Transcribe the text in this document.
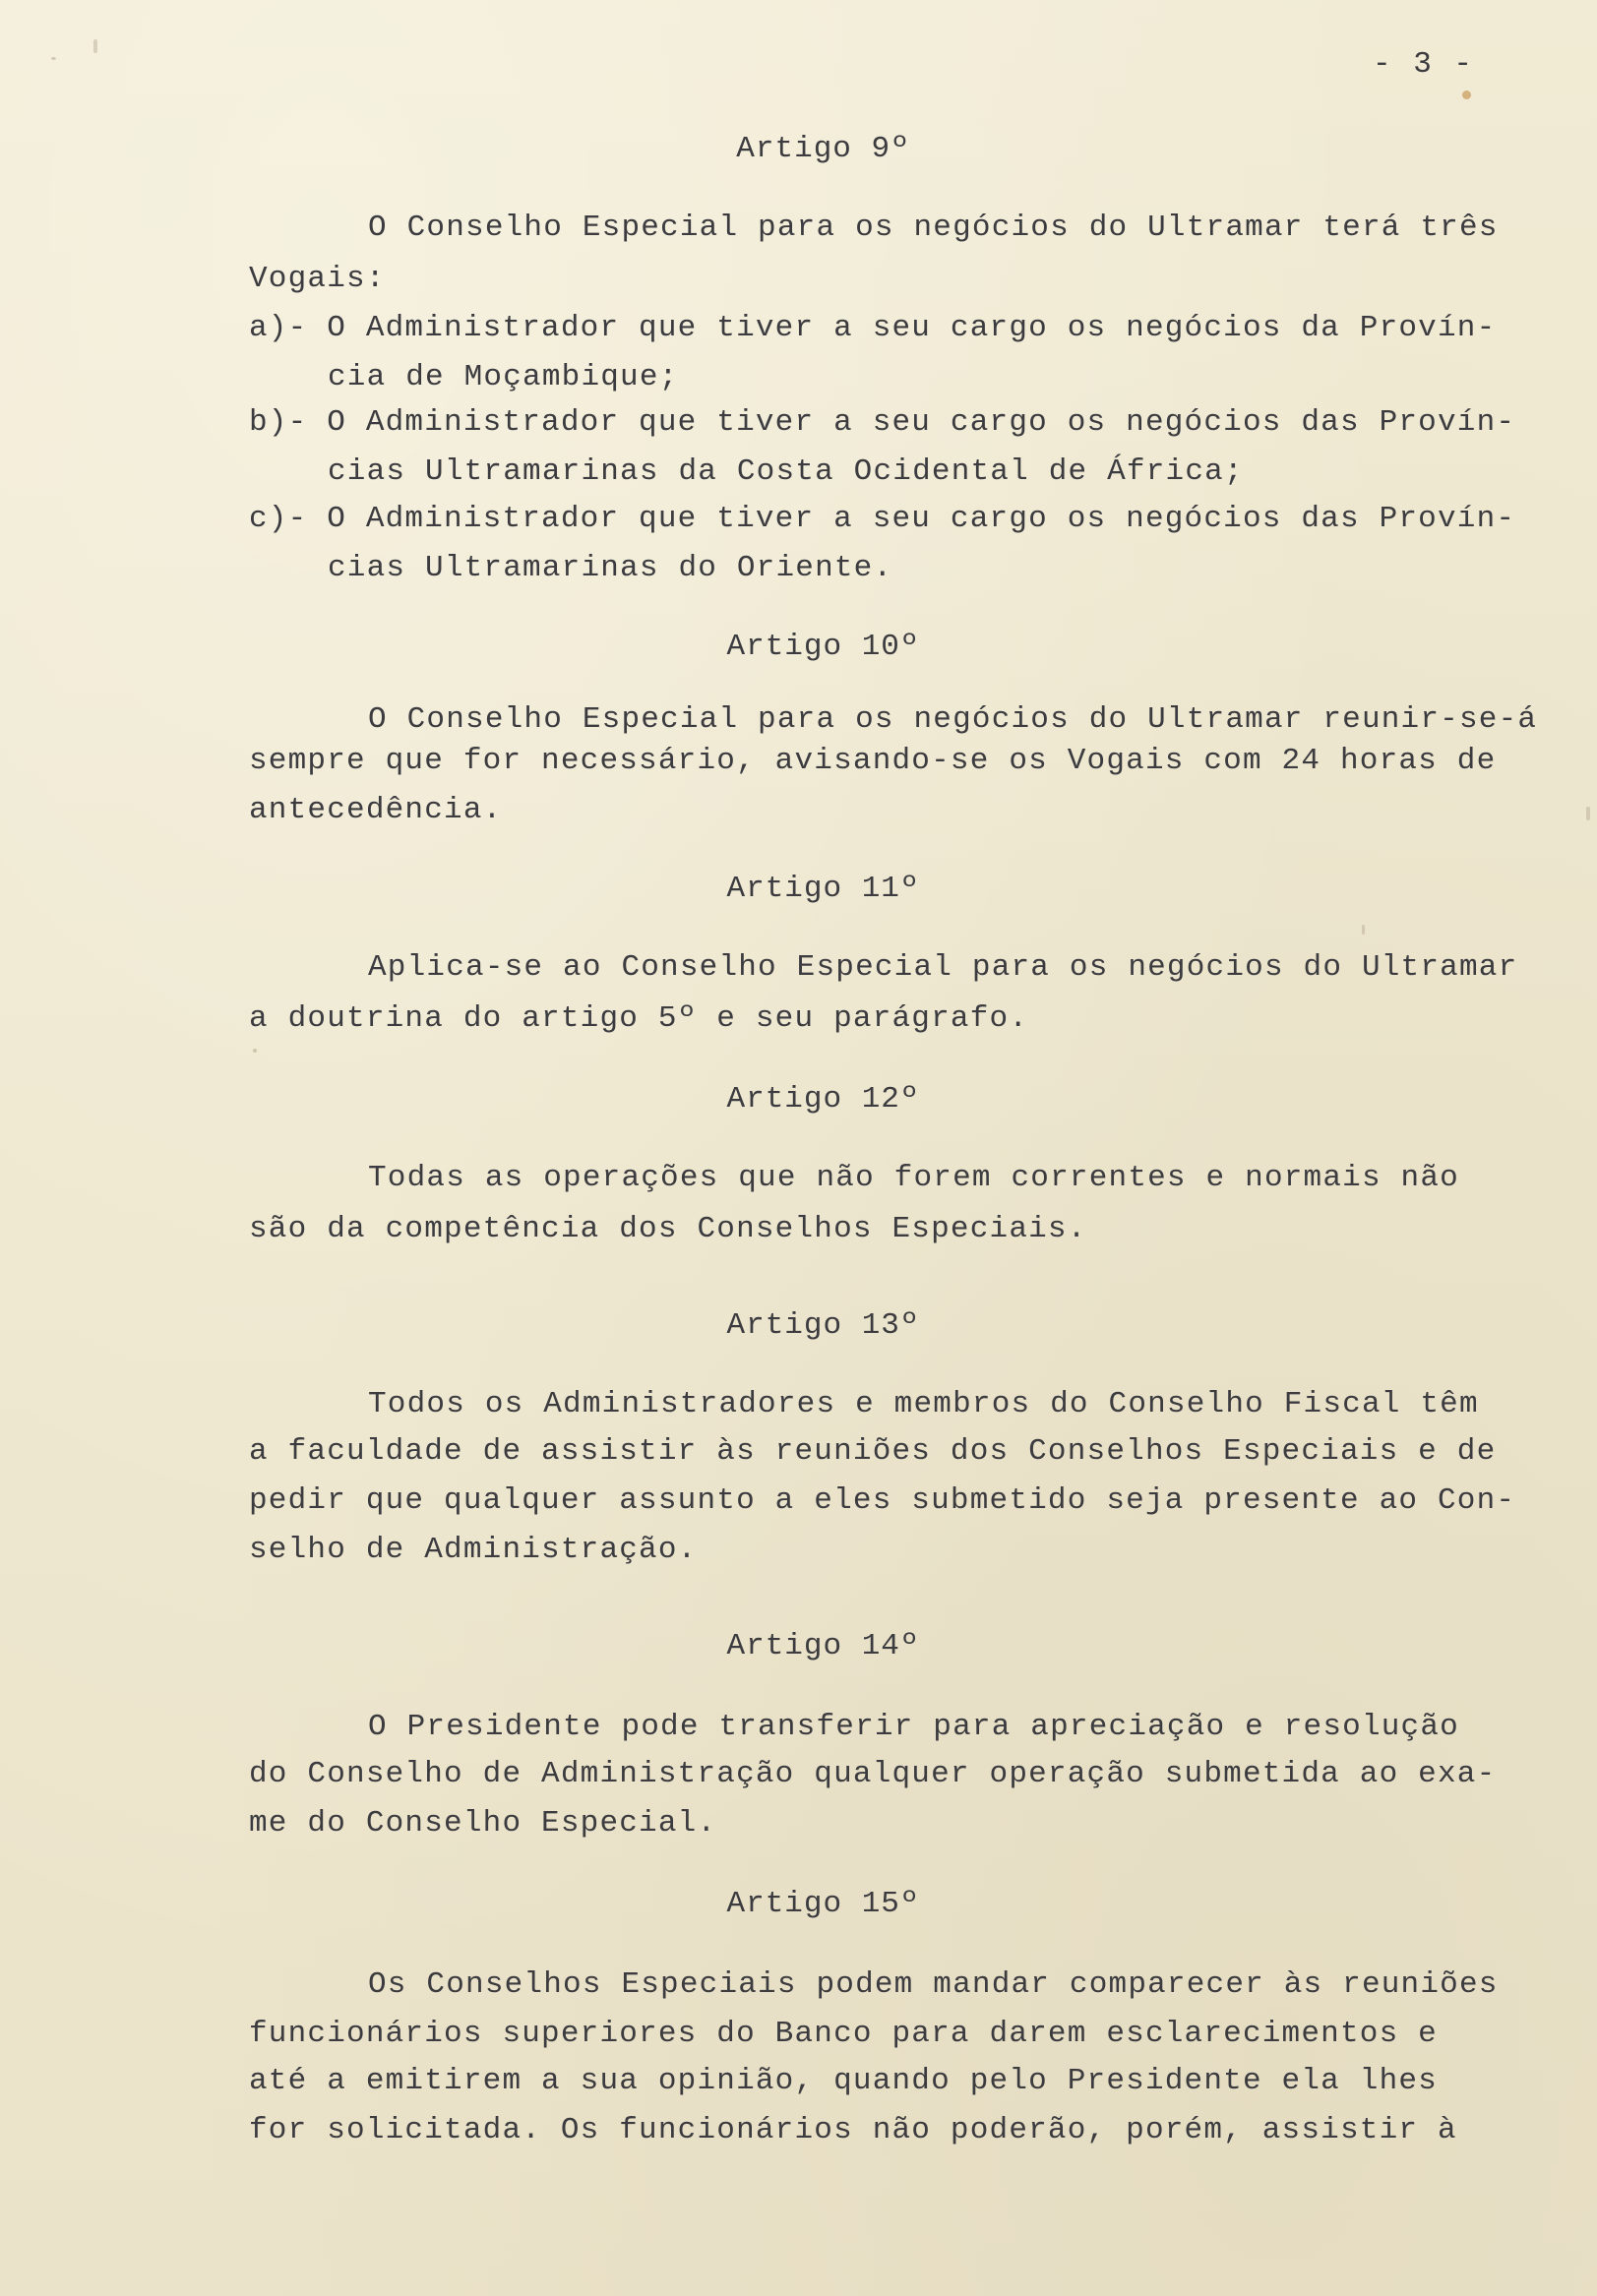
- 3 -
Artigo 9º
O Conselho Especial para os negócios do Ultramar terá três
Vogais:
a)- O Administrador que tiver a seu cargo os negócios da Provín-
cia de Moçambique;
b)- O Administrador que tiver a seu cargo os negócios das Provín-
cias Ultramarinas da Costa Ocidental de África;
c)- O Administrador que tiver a seu cargo os negócios das Provín-
cias Ultramarinas do Oriente.
Artigo 10º
O Conselho Especial para os negócios do Ultramar reunir-se-á
sempre que for necessário, avisando-se os Vogais com 24 horas de
antecedência.
Artigo 11º
Aplica-se ao Conselho Especial para os negócios do Ultramar
a doutrina do artigo 5º e seu parágrafo.
Artigo 12º
Todas as operações que não forem correntes e normais não
são da competência dos Conselhos Especiais.
Artigo 13º
Todos os Administradores e membros do Conselho Fiscal têm
a faculdade de assistir às reuniões dos Conselhos Especiais e de
pedir que qualquer assunto a eles submetido seja presente ao Con-
selho de Administração.
Artigo 14º
O Presidente pode transferir para apreciação e resolução
do Conselho de Administração qualquer operação submetida ao exa-
me do Conselho Especial.
Artigo 15º
Os Conselhos Especiais podem mandar comparecer às reuniões
funcionários superiores do Banco para darem esclarecimentos e
até a emitirem a sua opinião, quando pelo Presidente ela lhes
for solicitada. Os funcionários não poderão, porém, assistir à
